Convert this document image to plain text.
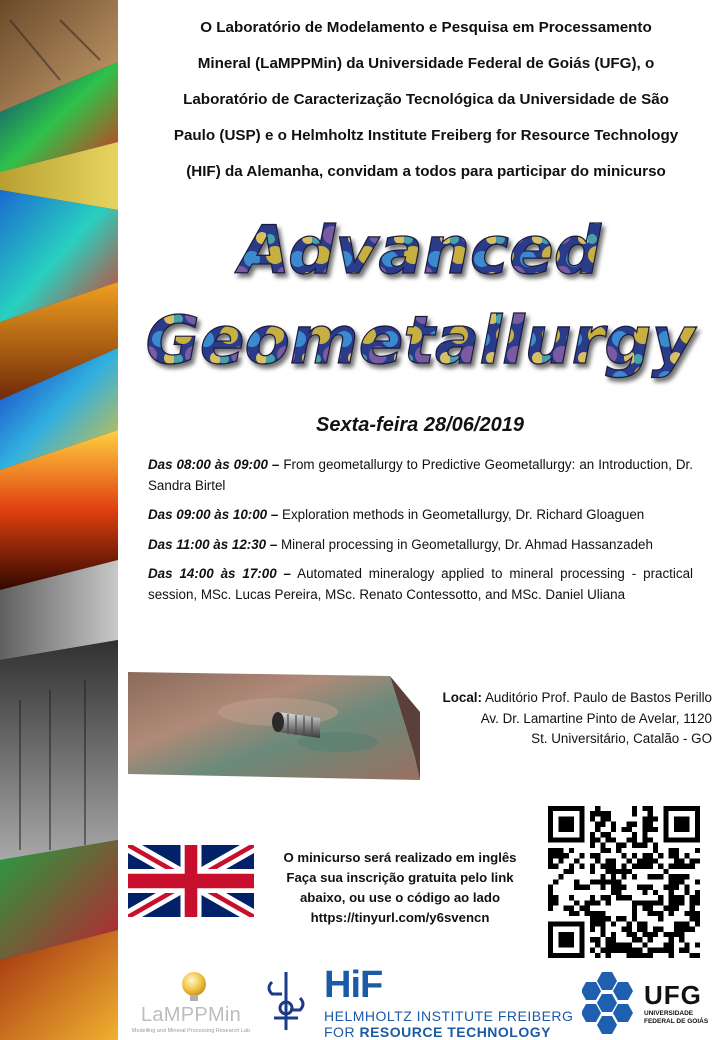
O Laboratório de Modelamento e Pesquisa em Processamento
Mineral (LaMPPMin) da Universidade Federal de Goiás (UFG), o
Laboratório de Caracterização Tecnológica da Universidade de São
Paulo (USP) e o Helmholtz Institute Freiberg for Resource Technology
(HIF) da Alemanha, convidam a todos para participar do minicurso
Advanced
Geometallurgy
Sexta-feira 28/06/2019
Das 08:00 às 09:00 – From geometallurgy to Predictive Geometallurgy: an Introduction, Dr. Sandra Birtel
Das 09:00 às 10:00 – Exploration methods in Geometallurgy, Dr. Richard Gloaguen
Das 11:00 às 12:30 – Mineral processing in Geometallurgy, Dr. Ahmad Hassanzadeh
Das 14:00 às 17:00 – Automated mineralogy applied to mineral processing - practical session, MSc. Lucas Pereira, MSc. Renato Contessotto, and MSc. Daniel Uliana
Local: Auditório Prof. Paulo de Bastos Perillo
Av. Dr. Lamartine Pinto de Avelar, 1120
St. Universitário, Catalão - GO
O minicurso será realizado em inglês
Faça sua inscrição gratuita pelo link
abaixo, ou use o código ao lado
https://tinyurl.com/y6svencn
LaMPPMin
Modelling and Mineral Processing Research Lab
HiF
HELMHOLTZ INSTITUTE FREIBERG
FOR RESOURCE TECHNOLOGY
UFG
UNIVERSIDADE FEDERAL DE GOIÁS
